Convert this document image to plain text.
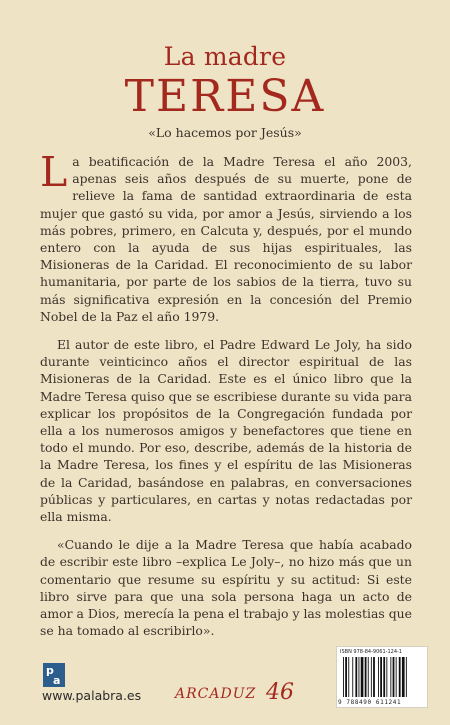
La madre
TERESA
«Lo hacemos por Jesús»

La beatificación de la Madre Teresa el año 2003, apenas seis años después de su muerte, pone de relieve la fama de santidad extraordinaria de esta mujer que gastó su vida, por amor a Jesús, sirviendo a los más pobres, primero, en Calcuta y, después, por el mundo entero con la ayuda de sus hijas espirituales, las Misioneras de la Caridad. El reconocimiento de su labor humanitaria, por parte de los sabios de la tierra, tuvo su más significativa expresión en la concesión del Premio Nobel de la Paz el año 1979.

El autor de este libro, el Padre Edward Le Joly, ha sido durante veinticinco años el director espiritual de las Misioneras de la Caridad. Este es el único libro que la Madre Teresa quiso que se escribiese durante su vida para explicar los propósitos de la Congregación fundada por ella a los numerosos amigos y benefactores que tiene en todo el mundo. Por eso, describe, además de la historia de la Madre Teresa, los fines y el espíritu de las Misioneras de la Caridad, basándose en palabras, en conversaciones públicas y particulares, en cartas y notas redactadas por ella misma.

«Cuando le dije a la Madre Teresa que había acabado de escribir este libro –explica Le Joly–, no hizo más que un comentario que resume su espíritu y su actitud: Si este libro sirve para que una sola persona haga un acto de amor a Dios, merecía la pena el trabajo y las molestias que se ha tomado al escribirlo».

p
a
www.palabra.es ARCADUZ 46
ISBN 978-84-9061-124-1
9 788490 611241
